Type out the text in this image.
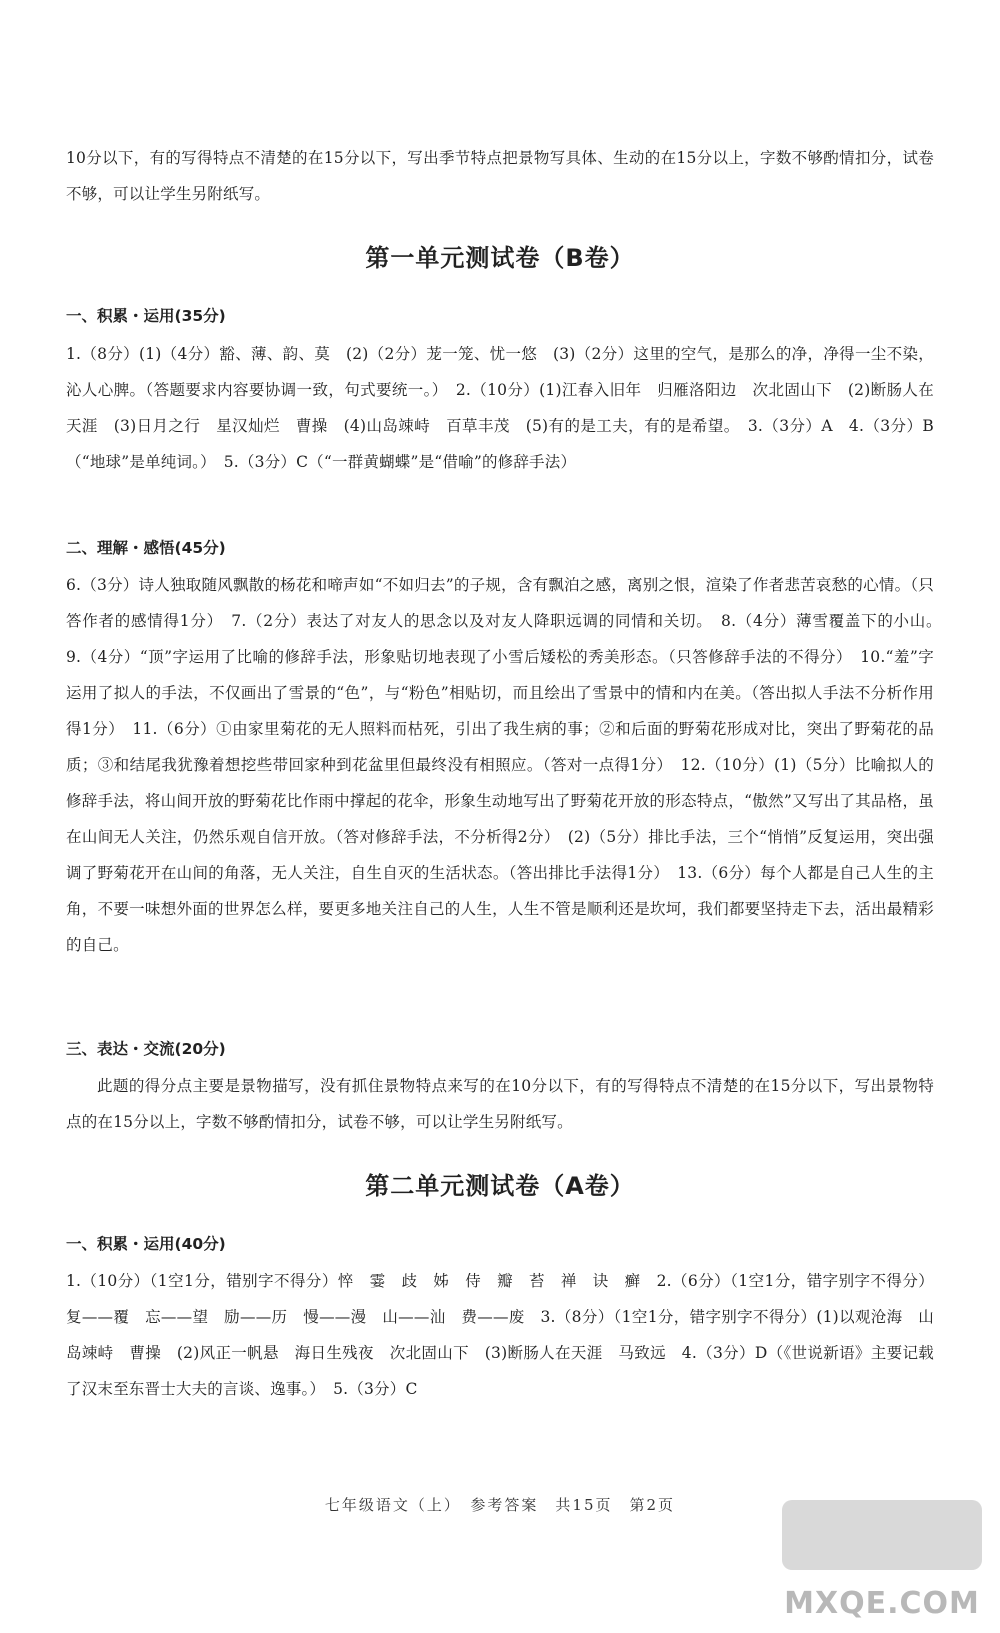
10分以下，有的写得特点不清楚的在15分以下，写出季节特点把景物写具体、生动的在15分以上，字数不够酌情扣分，试卷不够，可以让学生另附纸写。

第一单元测试卷（B卷）

一、积累・运用(35分)

1.（8分）(1)（4分）豁、薄、韵、莫　(2)（2分）茏一笼、忧一悠　(3)（2分）这里的空气，是那么的净，净得一尘不染，沁人心脾。（答题要求内容要协调一致，句式要统一。）　2.（10分）(1)江春入旧年　归雁洛阳边　次北固山下　(2)断肠人在天涯　(3)日月之行　星汉灿烂　曹操　(4)山岛竦峙　百草丰茂　(5)有的是工夫，有的是希望。　3.（3分）A　4.（3分）B（“地球”是单纯词。）　5.（3分）C（“一群黄蝴蝶”是“借喻”的修辞手法）

二、理解・感悟(45分)

6.（3分）诗人独取随风飘散的杨花和啼声如“不如归去”的子规，含有飘泊之感，离别之恨，渲染了作者悲苦哀愁的心情。（只答作者的感情得1分）　7.（2分）表达了对友人的思念以及对友人降职远调的同情和关切。　8.（4分）薄雪覆盖下的小山。　9.（4分）“顶”字运用了比喻的修辞手法，形象贴切地表现了小雪后矮松的秀美形态。（只答修辞手法的不得分）　10.“羞”字运用了拟人的手法，不仅画出了雪景的“色”，与“粉色”相贴切，而且绘出了雪景中的情和内在美。（答出拟人手法不分析作用得1分）　11.（6分）①由家里菊花的无人照料而枯死，引出了我生病的事；②和后面的野菊花形成对比，突出了野菊花的品质；③和结尾我犹豫着想挖些带回家种到花盆里但最终没有相照应。（答对一点得1分）　12.（10分）(1)（5分）比喻拟人的修辞手法，将山间开放的野菊花比作雨中撑起的花伞，形象生动地写出了野菊花开放的形态特点，“傲然”又写出了其品格，虽在山间无人关注，仍然乐观自信开放。（答对修辞手法，不分析得2分）　(2)（5分）排比手法，三个“悄悄”反复运用，突出强调了野菊花开在山间的角落，无人关注，自生自灭的生活状态。（答出排比手法得1分）　13.（6分）每个人都是自己人生的主角，不要一味想外面的世界怎么样，要更多地关注自己的人生，人生不管是顺利还是坎坷，我们都要坚持走下去，活出最精彩的自己。

三、表达・交流(20分)

此题的得分点主要是景物描写，没有抓住景物特点来写的在10分以下，有的写得特点不清楚的在15分以下，写出景物特点的在15分以上，字数不够酌情扣分，试卷不够，可以让学生另附纸写。

第二单元测试卷（A卷）

一、积累・运用(40分)

1.（10分）（1空1分，错别字不得分）悴　霎　歧　姊　侍　瓣　苔　禅　诀　癣　2.（6分）（1空1分，错字别字不得分）复——覆　忘——望　励——历　慢——漫　山——汕　费——废　3.（8分）（1空1分，错字别字不得分）(1)以观沧海　山岛竦峙　曹操　(2)风正一帆悬　海日生残夜　次北固山下　(3)断肠人在天涯　马致远　4.（3分）D（《世说新语》主要记载了汉末至东晋士大夫的言谈、逸事。）　5.（3分）C

七年级语文（上）　参考答案　共15页　第2页
MXQE.COM
